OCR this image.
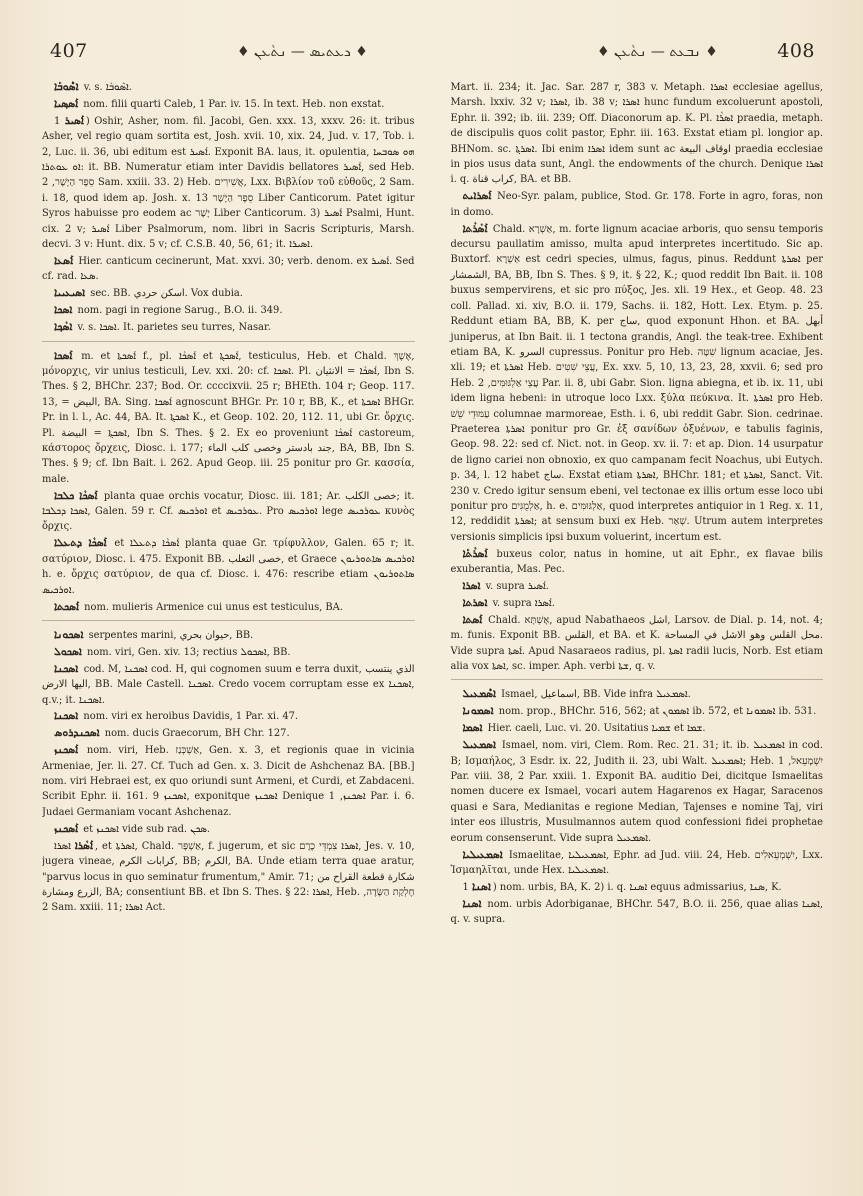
407	♦ ܖܥܬܝܣ — ܢܬܵܥܢ ♦	♦ ܢܒܥܬ — ܢܬܵܥܢ ♦	408

ܐܣܶܘܒܰܐ v. s. ܐܣܶܘܒܰܐ.

ܐܰܣܤ݂ܝܐ nom. filii quarti Caleb, 1 Par. iv. 15. In text. Heb. non exstat.

ܐܰܣܝܪ 1) Oshir, Asher, nom. fil. Jacobi, Gen. xxx. 13, xxxv. 26: it. tribus Asher, vel regio quam sortita est, Josh. xvii. 10, xix. 24, Jud. v. 17, Tob. i. 2, Luc. ii. 36, ubi editum est ܐܰܣܝܪ. Exponit BA. laus, it. opulentia, ܗܘ ܣܘܒܚܐ ܐܘ ܥܘܬܪܐ: it. BB. Numeratur etiam inter Davidis bellatores ܐܰܣܝܪ, sed Heb. סֵפֶר הַיָשָׁר, 2 Sam. xxiii. 33. 2) Heb. אֲשִׁירִים, Lxx. Βιβλίον τοῦ εὐθοῦς, 2 Sam. i. 18, quod idem ap. Josh. x. 13 סֵפֶר הַיָשָׁר Liber Canticorum. Patet igitur Syros habuisse pro eodem ac יָשָׁר Liber Canticorum. 3) ܐܰܣܝܪ Psalmi, Hunt. cix. 2 v; ܐܰܣܝܪ Liber Psalmorum, nom. libri in Sacris Scripturis, Marsh. decvi. 3 v: Hunt. dix. 5 v; cf. C.S.B. 40, 56, 61; it. ܐܣܝܪܐ.

ܐܰܣܥܐ Hier. canticum cecinerunt, Mat. xxvi. 30; verb. denom. ex ܐܰܣܝܪ. Sed cf. rad. ܣܥܐ.

ܐܣܝܥܝܝܐ sec. BB. اسكن حردي. Vox dubia.

ܐܣܟܐ nom. pagi in regione Sarug., B.O. ii. 349.

ܐܣܵܟ݂ܐ v. s. ܐܣܟܐ. It. parietes seu turres, Nasar.

ܐܰܣܟܐ m. et ܐܰܣܟܬܐ f., pl. ܐܰܣܟܵܐ et ܐܰܣܟܬ݂ܐ, testiculus, Heb. et Chald. אֶשֶׁךְ, μόνορχις, vir unius testiculi, Lev. xxi. 20: cf. ܐܣܟܐ. Pl. ܐܰܣܟܵܐ = الانثيان, Ibn S. Thes. § 2, BHChr. 237; Bod. Or. ccccixvii. 25 r; BHEth. 104 r; Geop. 117. 13, = البيض, BA. Sing. ܐܰܣܟܐ agnoscunt BHGr. Pr. 10 r, BB, K., et ܐܣܟܬܐ BHGr. Pr. in l. l., Ac. 44, BA. It. ܐܣܟܬ݂ܐ K., et Geop. 102. 20, 112. 11, ubi Gr. ὄρχις. Pl. ܐܣܟܬ݂ܐ = البيضة, Ibn S. Thes. § 2. Ex eo proveniunt ܐܰܣܟܵܐ castoreum, κάστορος ὄρχεις, Diosc. i. 177; جند بادستر وخصى كلب الماء, BA, BB, Ibn S. Thes. § 9; cf. Ibn Bait. i. 262. Apud Geop. iii. 25 ponitur pro Gr. κασσία, male.

ܐܰܣܟܵܐ ܟܠܒܐ planta quae orchis vocatur, Diosc. iii. 181; Ar. خصى الكلب; it. ܐܣܟܐ ܕܟܠܒܐ, Galen. 59 r. Cf. ܐܘܪܟܝܣ et ܥܘܪܟܝܣ. Pro ܐܘܪܟܝܣ lege ܥܘܪܟܝܣ κυνὸς ὄρχις.

ܐܰܣܟܵܐ ܕܬܥܠܐ et ܐܰܣܟܵܐ ܕܬܥܠܐ planta quae Gr. τρίφυλλον, Galen. 65 r; it. σατύριον, Diosc. i. 475. Exponit BB. خصى الثعلب, et Graece ܐܘܪܟܝܣ ܣܐܬܘܪܝܘܢ h. e. ὄρχις σατύριον, de qua cf. Diosc. i. 476: rescribe etiam ܣܐܬܘܪܝܘܢ ܐܘܪܟܝܣ.

ܐܰܣܟܬܐ nom. mulieris Armenice cui unus est testiculus, BA.

ܐܣܟܘܢܐ serpentes marini, حيوان بحري, BB.

ܐܣܟܘܠ nom. viri, Gen. xiv. 13; rectius ܐܣܟܘܠ, BB.

ܐܣܟܢܐ cod. M, ܐܣܟܢܐ cod. H, qui cognomen suum e terra duxit, الذي ينتسب اليها الارض, BB. Male Castell. ܐܣܟܢܐ. Credo vocem corruptam esse ex ܐܣܟܢܐ, q.v.; it. ܐܣܟܢܐ.

ܐܣܟܢܐ nom. viri ex heroibus Davidis, 1 Par. xi. 47.

ܐܣܟܢܕܪܘܣ nom. ducis Graecorum, BH Chr. 127.

ܐܰܣܟܢܙ nom. viri, Heb. אַשְׁכְּנַז, Gen. x. 3, et regionis quae in vicinia Armeniae, Jer. li. 27. Cf. Tuch ad Gen. x. 3. Dicit de Ashchenaz BA. [BB.] nom. viri Hebraei est, ex quo oriundi sunt Armeni, et Curdi, et Zabdaceni. Scribit Ephr. ii. 161. 9 ܐܣܟܢܙ, exponitque ܐܣܟܢܙ Denique ܐܣܟܢܙ, 1 Par. i. 6. Judaei Germaniam vocant Ashchenaz.

ܐܰܣܟܢܙ et ܐܣܟܢܙ vide sub rad. ܣܟܢ.

ܐܰܣܵܪܐ ܐܣܪܐ, et ܐܣܪܬܐ, Chald. אַשְׁפָּר, f. jugerum, et sic ܐܣܪܐ צִמְדֵּי כֶרֶם, Jes. v. 10, jugera vineae, كرابات الكرم, BB; الكرم, BA. Unde etiam terra quae aratur, "parvus locus in quo seminatur frumentum," Amir. 71; شكارة قطعة القراح من الزرع ومشارة, BA; consentiunt BB. et Ibn S. Thes. § 22: ܐܣܪܐ, Heb. חֶלְקַת הַשָּׂדֶה, 2 Sam. xxiii. 11; ܐܣܪܐ Act.

Mart. ii. 234; it. Jac. Sar. 287 r, 383 v. Metaph. ܐܣܪܐ ecclesiae agellus, Marsh. lxxiv. 32 v; ܐܣܪܐ, ib. 38 v; ܐܣܪܐ hunc fundum excoluerunt apostoli, Ephr. ii. 392; ib. iii. 239; Off. Diaconorum ap. K. Pl. ܐܣܪܵܐ praedia, metaph. de discipulis quos colit pastor, Ephr. iii. 163. Exstat etiam pl. longior ap. BHNom. sc. ܐܣܪܬ݂ܐ. Ibi enim ܐܣܪܐ idem sunt ac اوقاف البيعة praedia ecclesiae in pios usus data sunt, Angl. the endowments of the church. Denique ܐܣܪܐ i. q. كراب قناة, BA. et BB.

ܐܰܣܪܐܝܬ Neo-Syr. palam, publice, Stod. Gr. 178. Forte in agro, foras, non in domo.

ܐܰܣܵܪܵܬܐ Chald. אַשְׁרָא, m. forte lignum acaciae arboris, quo sensu temporis decursu paullatim amisso, multa apud interpretes incertitudo. Sic ap. Buxtorf. אַשְׁרָא est cedri species, ulmus, fagus, pinus. Reddunt ܐܣܪܬܐ per الشمشار, BA, BB, Ibn S. Thes. § 9, it. § 22, K.; quod reddit Ibn Bait. ii. 108 buxus sempervirens, et sic pro πύξος, Jes. xli. 19 Hex., et Geop. 48. 23 coll. Pallad. xi. xiv, B.O. ii. 179, Sachs. ii. 182, Hott. Lex. Etym. p. 25. Reddunt etiam BA, BB, K. per ساج, quod exponunt Hhon. et BA. أبهل juniperus, at Ibn Bait. ii. 1 tectona grandis, Angl. the teak-tree. Exhibent etiam BA, K. السرو cupressus. Ponitur pro Heb. שִׁטָּה lignum acaciae, Jes. xli. 19; et ܐܣܪܬܐ Heb. עֲצֵי שִׁטִּים, Ex. xxv. 5, 10, 13, 23, 28, xxvii. 6; sed pro Heb. עֲצֵי אַלְגּוּמִּים, 2 Par. ii. 8, ubi Gabr. Sion. ligna abiegna, et ib. ix. 11, ubi idem ligna hebeni: in utroque loco Lxx. ξύλα πεύκινα. It. ܐܣܪܬܐ pro Heb. עַמּוּדֵי שֵׁשׁ columnae marmoreae, Esth. i. 6, ubi reddit Gabr. Sion. cedrinae. Praeterea ܐܣܪܬܐ ponitur pro Gr. ἐξ σανίδων ὀξυένων, e tabulis faginis, Geop. 98. 22: sed cf. Nict. not. in Geop. xv. ii. 7: et ap. Dion. 14 usurpatur de ligno cariei non obnoxio, ex quo campanam fecit Noachus, ubi Eutych. p. 34, l. 12 habet ساج. Exstat etiam ܐܣܪܬܐ, BHChr. 181; et ܐܣܪܬܐ, Sanct. Vit. 230 v. Credo igitur sensum ebeni, vel tectonae ex illis ortum esse loco ubi ponitur pro אַלְמֻגִּים, h. e. אַלְגּוּמִּים, quod interpretes antiquior in 1 Reg. x. 11, 12, reddidit ܐܣܪܬܐ; at sensum buxi ex Heb. שְׁאַר. Utrum autem interpretes versionis simplicis ipsi buxum voluerint, incertum est.

ܐܰܣܪܵܬܰܐ buxeus color, natus in homine, ut ait Ephr., ex flavae bilis exuberantia, Mas. Pec.

ܐܣܪܐ v. supra ܐܰܣܝܪ.

ܐܣܪܬܐ v. supra ܐܰܣܪܐ.

ܐܰܣܬܐ Chald. אָשְׁתָּא, apud Nabathaeos اشل, Larsov. de Dial. p. 14, not. 4; m. funis. Exponit BB. القلس, et BA. et K. محل القلس وهو الاشل في المساحة. Vide supra ܐܰܣܬܐ. Apud Nasaraeos radius, pl. ܐܣܬܐ radii lucis, Norb. Est etiam alia vox ܐܣܬܐ, sc. imper. Aph. verbi ܫܬܐ, q. v.

ܐܣܶܡܥܝܠ Ismael, اسماعيل, BB. Vide infra ܐܣܡܥܝܠ.

ܐܣܡܘܢܐ nom. prop., BHChr. 516, 562; at ܐܣܡܘܢ ib. 572, et ܐܣܡܘܢܐ ib. 531.

ܐܣܡܐ Hier. caeli, Luc. vi. 20. Usitatius ܫܡܝܐ et ܫܡܐ.

ܐܣܡܥܝܠ Ismael, nom. viri, Clem. Rom. Rec. 21. 31; it. ib. ܐܣܡܥܝܠ in cod. B; Ισμαήλος, 3 Esdr. ix. 22, Judith ii. 23, ubi Walt. ܐܣܡܥܝܠ; Heb. יִשְׁמָעֵאל, 1 Par. viii. 38, 2 Par. xxiii. 1. Exponit BA. auditio Dei, dicitque Ismaelitas nomen ducere ex Ismael, vocari autem Hagarenos ex Hagar, Saracenos quasi e Sara, Medianitas e regione Median, Tajenses e nomine Taj, viri inter eos illustris, Musulmannos autem quod confessioni fidei prophetae eorum consenserunt. Vide supra ܐܣܡܥܝܠ.

ܐܣܡܥܝܠܝܐ Ismaelitae, ܐܣܡܥܝܠܝܐ, Ephr. ad Jud. viii. 24, Heb. יִשְׁמְעֵאלִים, Lxx. Ἰσμαηλῖται, unde Hex. ܐܣܡܥܝܠܝܐ.

ܐܣܢܐ 1) nom. urbis, BA, K. 2) i. q. ܐܣܢܐ equus admissarius, ܣܢܐ, K.

ܐܣܢܐ nom. urbis Adorbiganae, BHChr. 547, B.O. ii. 256, quae alias ܐܣܢܐ, q. v. supra.
